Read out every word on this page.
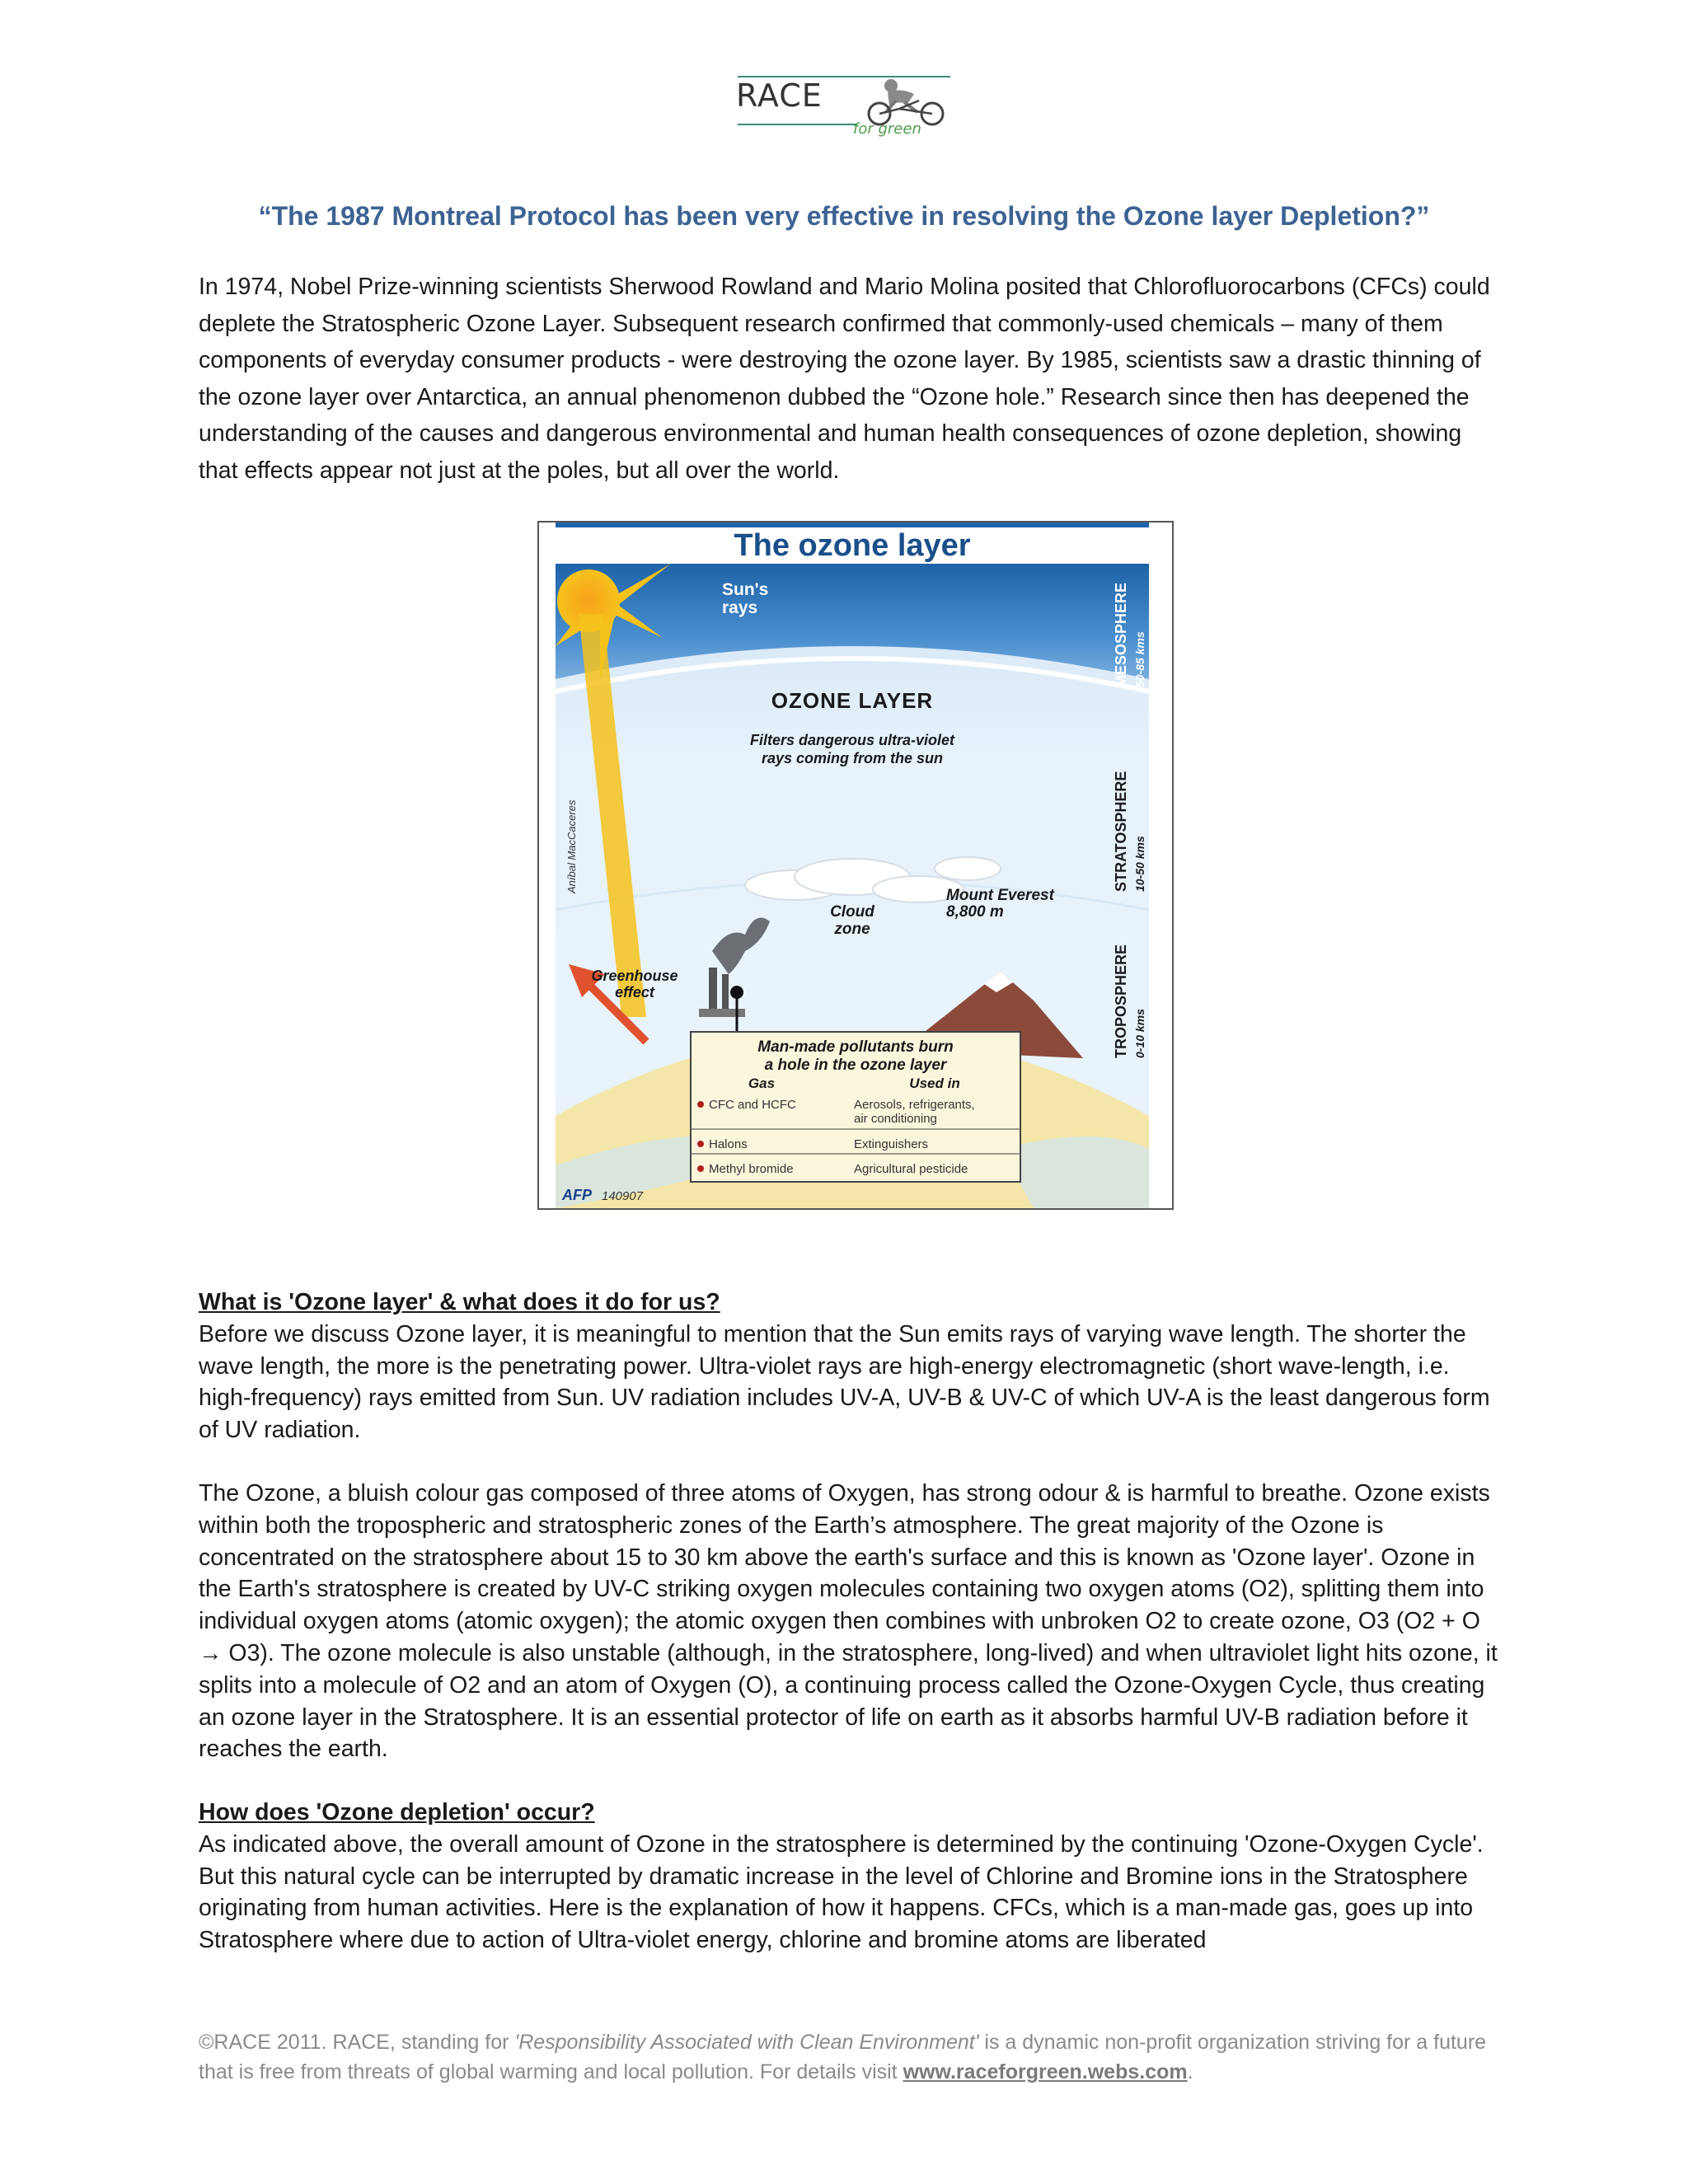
RACE
for green
“The 1987 Montreal Protocol has been very effective in resolving the Ozone layer Depletion?”

In 1974, Nobel Prize-winning scientists Sherwood Rowland and Mario Molina posited that Chlorofluorocarbons (CFCs) could deplete the Stratospheric Ozone Layer. Subsequent research confirmed that commonly-used chemicals – many of them components of everyday consumer products - were destroying the ozone layer. By 1985, scientists saw a drastic thinning of the ozone layer over Antarctica, an annual phenomenon dubbed the “Ozone hole.” Research since then has deepened the understanding of the causes and dangerous environmental and human health consequences of ozone depletion, showing that effects appear not just at the poles, but all over the world.

The ozone layer
Sun's
rays
OZONE LAYER
Filters dangerous ultra-violet
rays coming from the sun
MESOSPHERE 50-85 kms
STRATOSPHERE 10-50 kms
TROPOSPHERE 0-10 kms
Aníbal MacCaceres
Cloud
zone
Mount Everest
8,800 m
Greenhouse
effect
Man-made pollutants burn
a hole in the ozone layer
Gas	Used in
CFC and HCFC	Aerosols, refrigerants,
air conditioning
Halons	Extinguishers
Methyl bromide	Agricultural pesticide
AFP 140907

What is 'Ozone layer' & what does it do for us?
Before we discuss Ozone layer, it is meaningful to mention that the Sun emits rays of varying wave length. The shorter the wave length, the more is the penetrating power. Ultra-violet rays are high-energy electromagnetic (short wave-length, i.e. high-frequency) rays emitted from Sun. UV radiation includes UV-A, UV-B & UV-C of which UV-A is the least dangerous form of UV radiation.

The Ozone, a bluish colour gas composed of three atoms of Oxygen, has strong odour & is harmful to breathe. Ozone exists within both the tropospheric and stratospheric zones of the Earth’s atmosphere. The great majority of the Ozone is concentrated on the stratosphere about 15 to 30 km above the earth's surface and this is known as 'Ozone layer'. Ozone in the Earth's stratosphere is created by UV-C striking oxygen molecules containing two oxygen atoms (O2), splitting them into individual oxygen atoms (atomic oxygen); the atomic oxygen then combines with unbroken O2 to create ozone, O3 (O2 + O → O3). The ozone molecule is also unstable (although, in the stratosphere, long-lived) and when ultraviolet light hits ozone, it splits into a molecule of O2 and an atom of Oxygen (O), a continuing process called the Ozone-Oxygen Cycle, thus creating an ozone layer in the Stratosphere. It is an essential protector of life on earth as it absorbs harmful UV-B radiation before it reaches the earth.

How does 'Ozone depletion' occur?
As indicated above, the overall amount of Ozone in the stratosphere is determined by the continuing 'Ozone-Oxygen Cycle'. But this natural cycle can be interrupted by dramatic increase in the level of Chlorine and Bromine ions in the Stratosphere originating from human activities. Here is the explanation of how it happens. CFCs, which is a man-made gas, goes up into Stratosphere where due to action of Ultra-violet energy, chlorine and bromine atoms are liberated

©RACE 2011. RACE, standing for 'Responsibility Associated with Clean Environment' is a dynamic non-profit organization striving for a future that is free from threats of global warming and local pollution. For details visit www.raceforgreen.webs.com.
